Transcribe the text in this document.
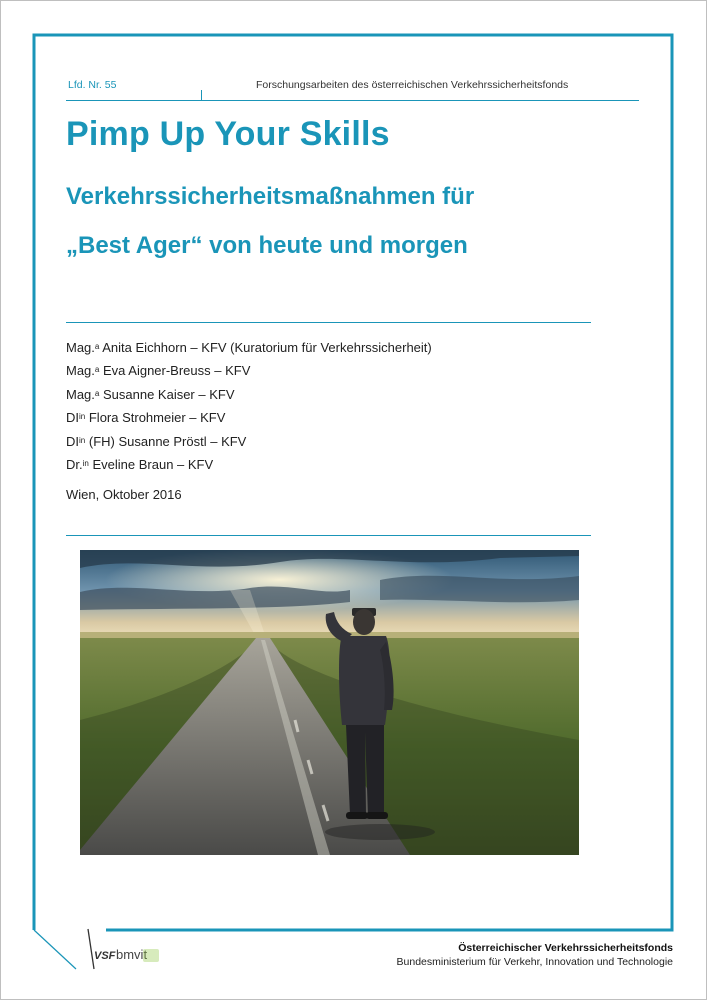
Lfd. Nr. 55	Forschungsarbeiten des österreichischen Verkehrssicherheitsfonds
Pimp Up Your Skills
Verkehrssicherheitsmaßnahmen für
„Best Ager“ von heute und morgen
Mag.$^a$ Anita Eichhorn – KFV (Kuratorium für Verkehrssicherheit)
Mag.$^a$ Eva Aigner-Breuss – KFV
Mag.$^a$ Susanne Kaiser – KFV
$DI^{in}$ Flora Strohmeier – KFV
$DI^{in}$ (FH) Susanne Pröstl – KFV
Dr.$^{in}$ Eveline Braun – KFV
Wien, Oktober 2016
Österreichischer Verkehrssicherheitsfonds
Bundesministerium für Verkehr, Innovation und Technologie
VSF bmvit
